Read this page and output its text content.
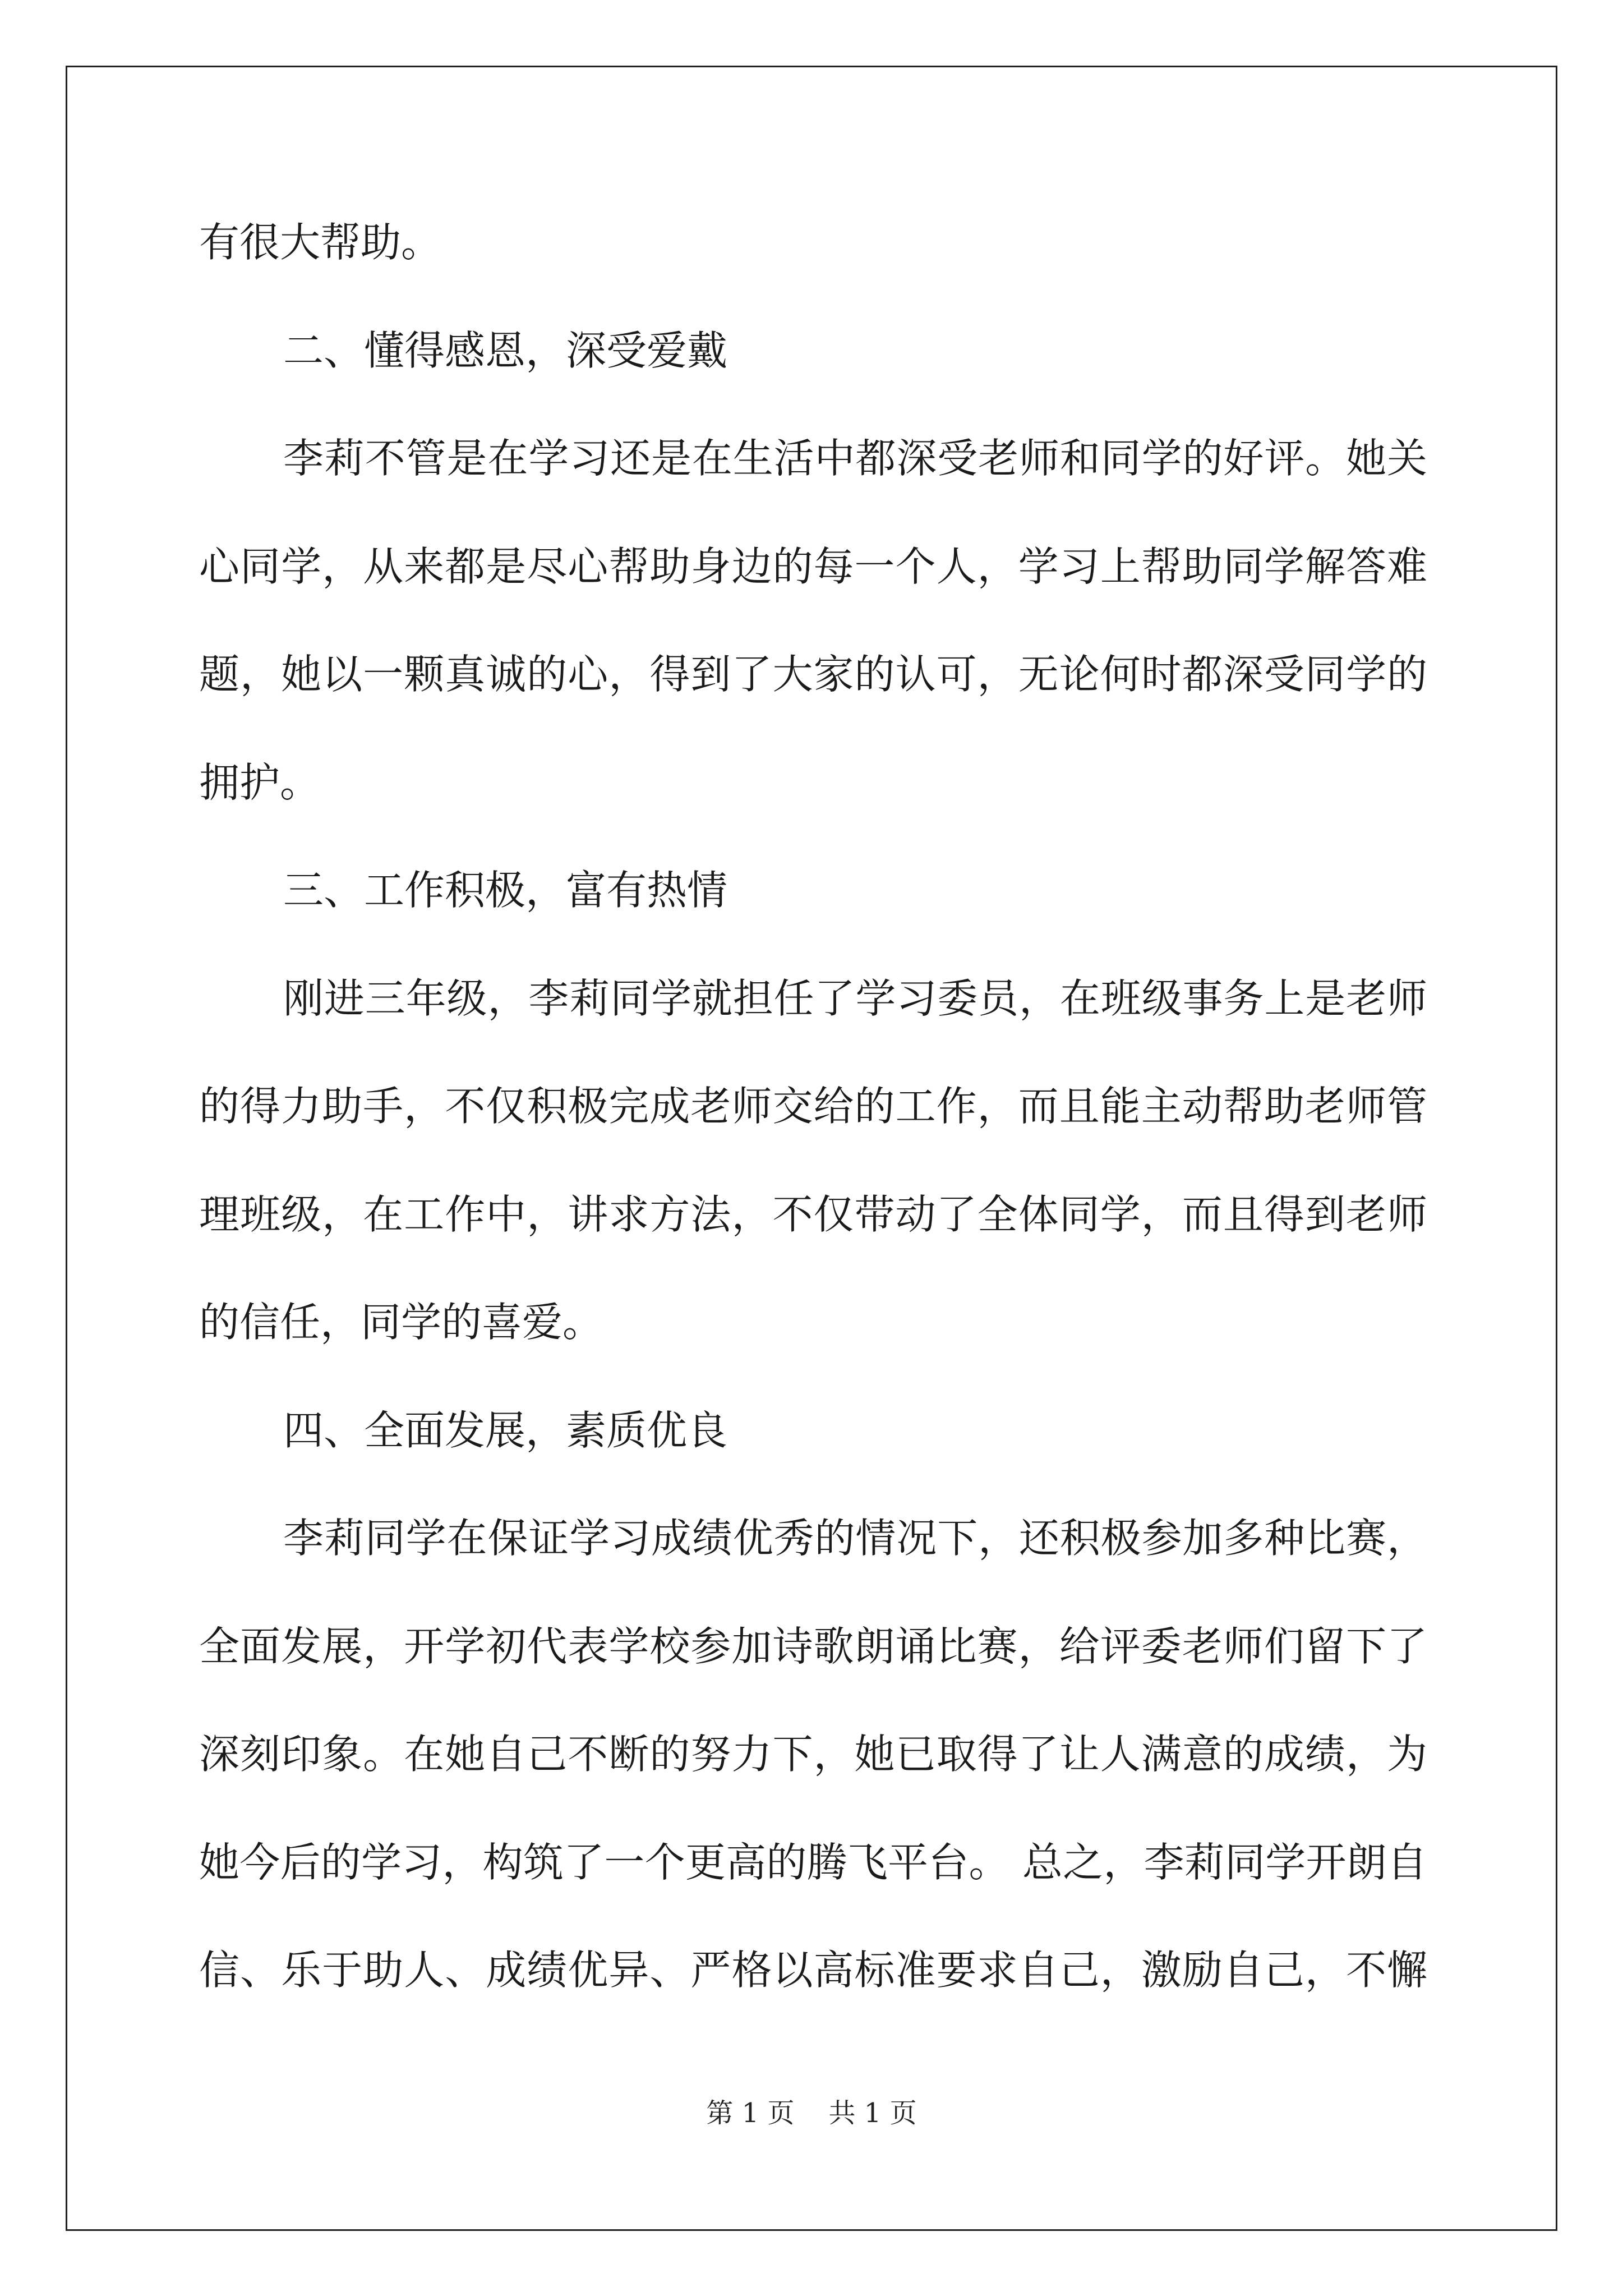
有很大帮助。
二、懂得感恩，深受爱戴
李莉不管是在学习还是在生活中都深受老师和同学的好评。她关
心同学，从来都是尽心帮助身边的每一个人，学习上帮助同学解答难
题，她以一颗真诚的心，得到了大家的认可，无论何时都深受同学的
拥护。
三、工作积极，富有热情
刚进三年级，李莉同学就担任了学习委员，在班级事务上是老师
的得力助手，不仅积极完成老师交给的工作，而且能主动帮助老师管
理班级，在工作中，讲求方法，不仅带动了全体同学，而且得到老师
的信任，同学的喜爱。
四、全面发展，素质优良
李莉同学在保证学习成绩优秀的情况下，还积极参加多种比赛，
全面发展，开学初代表学校参加诗歌朗诵比赛，给评委老师们留下了
深刻印象。在她自己不断的努力下，她已取得了让人满意的成绩，为
她今后的学习，构筑了一个更高的腾飞平台。 总之，李莉同学开朗自
信、乐于助人、成绩优异、严格以高标准要求自己，激励自己，不懈
第 1 页    共 1 页
